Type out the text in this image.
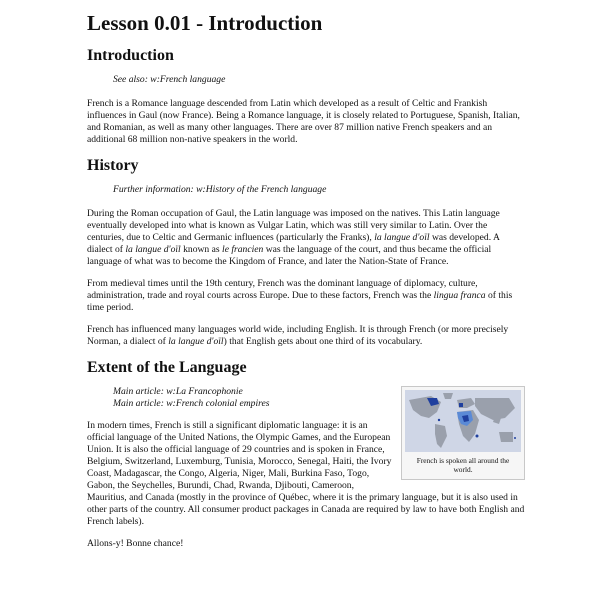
Lesson 0.01 - Introduction
Introduction
See also: w:French language

French is a Romance language descended from Latin which developed as a result of Celtic and Frankish influences in Gaul (now France). Being a Romance language, it is closely related to Portuguese, Spanish, Italian, and Romanian, as well as many other languages. There are over 87 million native French speakers and an additional 68 million non-native speakers in the world.

History
Further information: w:History of the French language

During the Roman occupation of Gaul, the Latin language was imposed on the natives. This Latin language eventually developed into what is known as Vulgar Latin, which was still very similar to Latin. Over the centuries, due to Celtic and Germanic influences (particularly the Franks), la langue d'oïl was developed. A dialect of la langue d'oïl known as le francien was the language of the court, and thus became the official language of what was to become the Kingdom of France, and later the Nation-State of France.

From medieval times until the 19th century, French was the dominant language of diplomacy, culture, administration, trade and royal courts across Europe. Due to these factors, French was the lingua franca of this time period.

French has influenced many languages world wide, including English. It is through French (or more precisely Norman, a dialect of la langue d'oïl) that English gets about one third of its vocabulary.

Extent of the Language
French is spoken all around the world.
Main article: w:La Francophonie
Main article: w:French colonial empires

In modern times, French is still a significant diplomatic language: it is an official language of the United Nations, the Olympic Games, and the European Union. It is also the official language of 29 countries and is spoken in France, Belgium, Switzerland, Luxemburg, Tunisia, Morocco, Senegal, Haiti, the Ivory Coast, Madagascar, the Congo, Algeria, Niger, Mali, Burkina Faso, Togo, Gabon, the Seychelles, Burundi, Chad, Rwanda, Djibouti, Cameroon, Mauritius, and Canada (mostly in the province of Québec, where it is the primary language, but it is also used in other parts of the country. All consumer product packages in Canada are required by law to have both English and French labels).

Allons-y! Bonne chance!
